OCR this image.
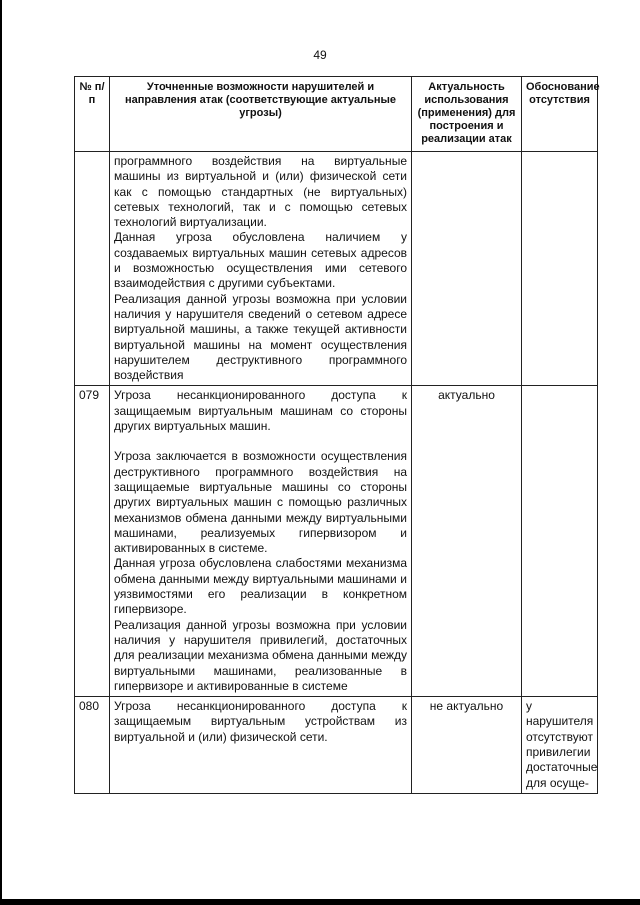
49
№ п/п	Уточненные возможности нарушителей и направления атак (соответствующие актуальные угрозы)	Актуальность использования (применения) для построения и реализации атак	Обоснование отсутствия

	программного воздействия на виртуальные машины из виртуальной и (или) физической сети как с помощью стандартных (не виртуальных) сетевых технологий, так и с помощью сетевых технологий виртуализации.

Данная угроза обусловлена наличием у создаваемых виртуальных машин сетевых адресов и возможностью осуществления ими сетевого взаимодействия с другими субъектами.

Реализация данной угрозы возможна при условии наличия у нарушителя сведений о сетевом адресе виртуальной машины, а также текущей активности виртуальной машины на момент осуществления нарушителем деструктивного программного воздействия		

079	Угроза несанкционированного доступа к защищаемым виртуальным машинам со стороны других виртуальных машин.

Угроза заключается в возможности осуществления деструктивного программного воздействия на защищаемые виртуальные машины со стороны других виртуальных машин с помощью различных механизмов обмена данными между виртуальными машинами, реализуемых гипервизором и активированных в системе.

Данная угроза обусловлена слабостями механизма обмена данными между виртуальными машинами и уязвимостями его реализации в конкретном гипервизоре.

Реализация данной угрозы возможна при условии наличия у нарушителя привилегий, достаточных для реализации механизма обмена данными между виртуальными машинами, реализованные в гипервизоре и активированные в системе	актуально	
080	Угроза несанкционированного доступа к защищаемым виртуальным устройствам из виртуальной и (или) физической сети.	не актуально	у нарушителя отсутствуют привилегии достаточные для осуще-
